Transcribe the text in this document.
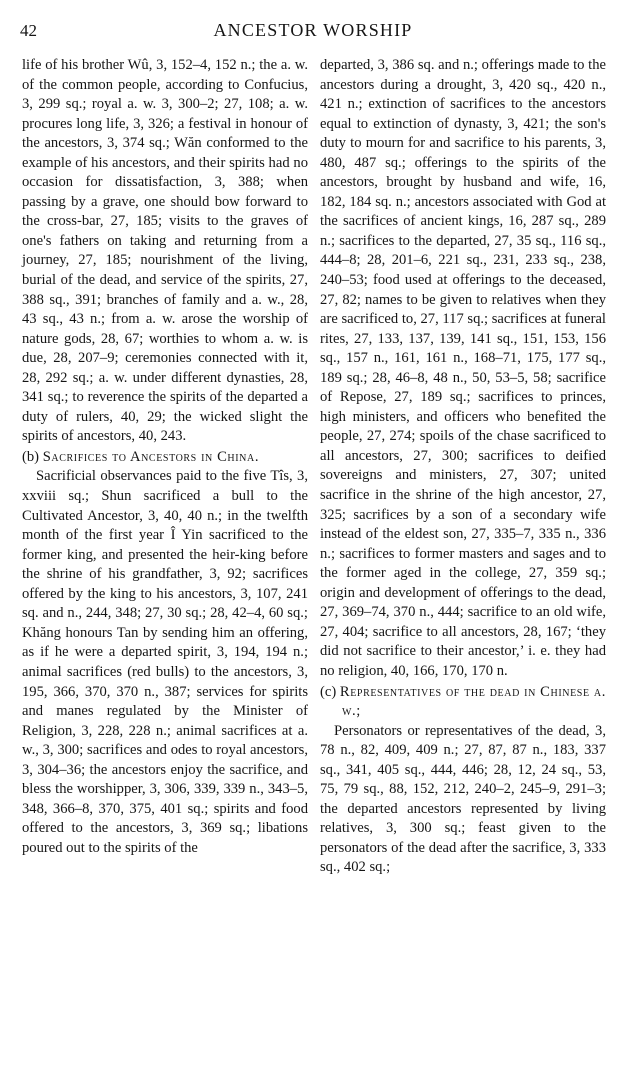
42	ANCESTOR WORSHIP

life of his brother Wû, 3, 152–4, 152 n.; the a. w. of the common people, according to Confucius, 3, 299 sq.; royal a. w. 3, 300–2; 27, 108; a. w. procures long life, 3, 326; a festival in honour of the ancestors, 3, 374 sq.; Wăn conformed to the example of his ancestors, and their spirits had no occasion for dissatisfaction, 3, 388; when passing by a grave, one should bow forward to the cross-bar, 27, 185; visits to the graves of one's fathers on taking and returning from a journey, 27, 185; nourishment of the living, burial of the dead, and service of the spirits, 27, 388 sq., 391; branches of family and a. w., 28, 43 sq., 43 n.; from a. w. arose the worship of nature gods, 28, 67; worthies to whom a. w. is due, 28, 207–9; ceremonies connected with it, 28, 292 sq.; a. w. under different dynasties, 28, 341 sq.; to reverence the spirits of the departed a duty of rulers, 40, 29; the wicked slight the spirits of ancestors, 40, 243.

(b) Sacrifices to Ancestors in China.

Sacrificial observances paid to the five Tîs, 3, xxviii sq.; Shun sacrificed a bull to the Cultivated Ancestor, 3, 40, 40 n.; in the twelfth month of the first year Î Yin sacrificed to the former king, and presented the heir-king before the shrine of his grandfather, 3, 92; sacrifices offered by the king to his ancestors, 3, 107, 241 sq. and n., 244, 348; 27, 30 sq.; 28, 42–4, 60 sq.; Khăng honours Tan by sending him an offering, as if he were a departed spirit, 3, 194, 194 n.; animal sacrifices (red bulls) to the ancestors, 3, 195, 366, 370, 370 n., 387; services for spirits and manes regulated by the Minister of Religion, 3, 228, 228 n.; animal sacrifices at a. w., 3, 300; sacrifices and odes to royal ancestors, 3, 304–36; the ancestors enjoy the sacrifice, and bless the worshipper, 3, 306, 339, 339 n., 343–5, 348, 366–8, 370, 375, 401 sq.; spirits and food offered to the ancestors, 3, 369 sq.; libations poured out to the spirits of the

departed, 3, 386 sq. and n.; offerings made to the ancestors during a drought, 3, 420 sq., 420 n., 421 n.; extinction of sacrifices to the ancestors equal to extinction of dynasty, 3, 421; the son's duty to mourn for and sacrifice to his parents, 3, 480, 487 sq.; offerings to the spirits of the ancestors, brought by husband and wife, 16, 182, 184 sq. n.; ancestors associated with God at the sacrifices of ancient kings, 16, 287 sq., 289 n.; sacrifices to the departed, 27, 35 sq., 116 sq., 444–8; 28, 201–6, 221 sq., 231, 233 sq., 238, 240–53; food used at offerings to the deceased, 27, 82; names to be given to relatives when they are sacrificed to, 27, 117 sq.; sacrifices at funeral rites, 27, 133, 137, 139, 141 sq., 151, 153, 156 sq., 157 n., 161, 161 n., 168–71, 175, 177 sq., 189 sq.; 28, 46–8, 48 n., 50, 53–5, 58; sacrifice of Repose, 27, 189 sq.; sacrifices to princes, high ministers, and officers who benefited the people, 27, 274; spoils of the chase sacrificed to all ancestors, 27, 300; sacrifices to deified sovereigns and ministers, 27, 307; united sacrifice in the shrine of the high ancestor, 27, 325; sacrifices by a son of a secondary wife instead of the eldest son, 27, 335–7, 335 n., 336 n.; sacrifices to former masters and sages and to the former aged in the college, 27, 359 sq.; origin and development of offerings to the dead, 27, 369–74, 370 n., 444; sacrifice to an old wife, 27, 404; sacrifice to all ancestors, 28, 167; ‘they did not sacrifice to their ancestor,’ i. e. they had no religion, 40, 166, 170, 170 n.

(c) Representatives of the dead in Chinese a. w.;

Personators or representatives of the dead, 3, 78 n., 82, 409, 409 n.; 27, 87, 87 n., 183, 337 sq., 341, 405 sq., 444, 446; 28, 12, 24 sq., 53, 75, 79 sq., 88, 152, 212, 240–2, 245–9, 291–3; the departed ancestors represented by living relatives, 3, 300 sq.; feast given to the personators of the dead after the sacrifice, 3, 333 sq., 402 sq.;
